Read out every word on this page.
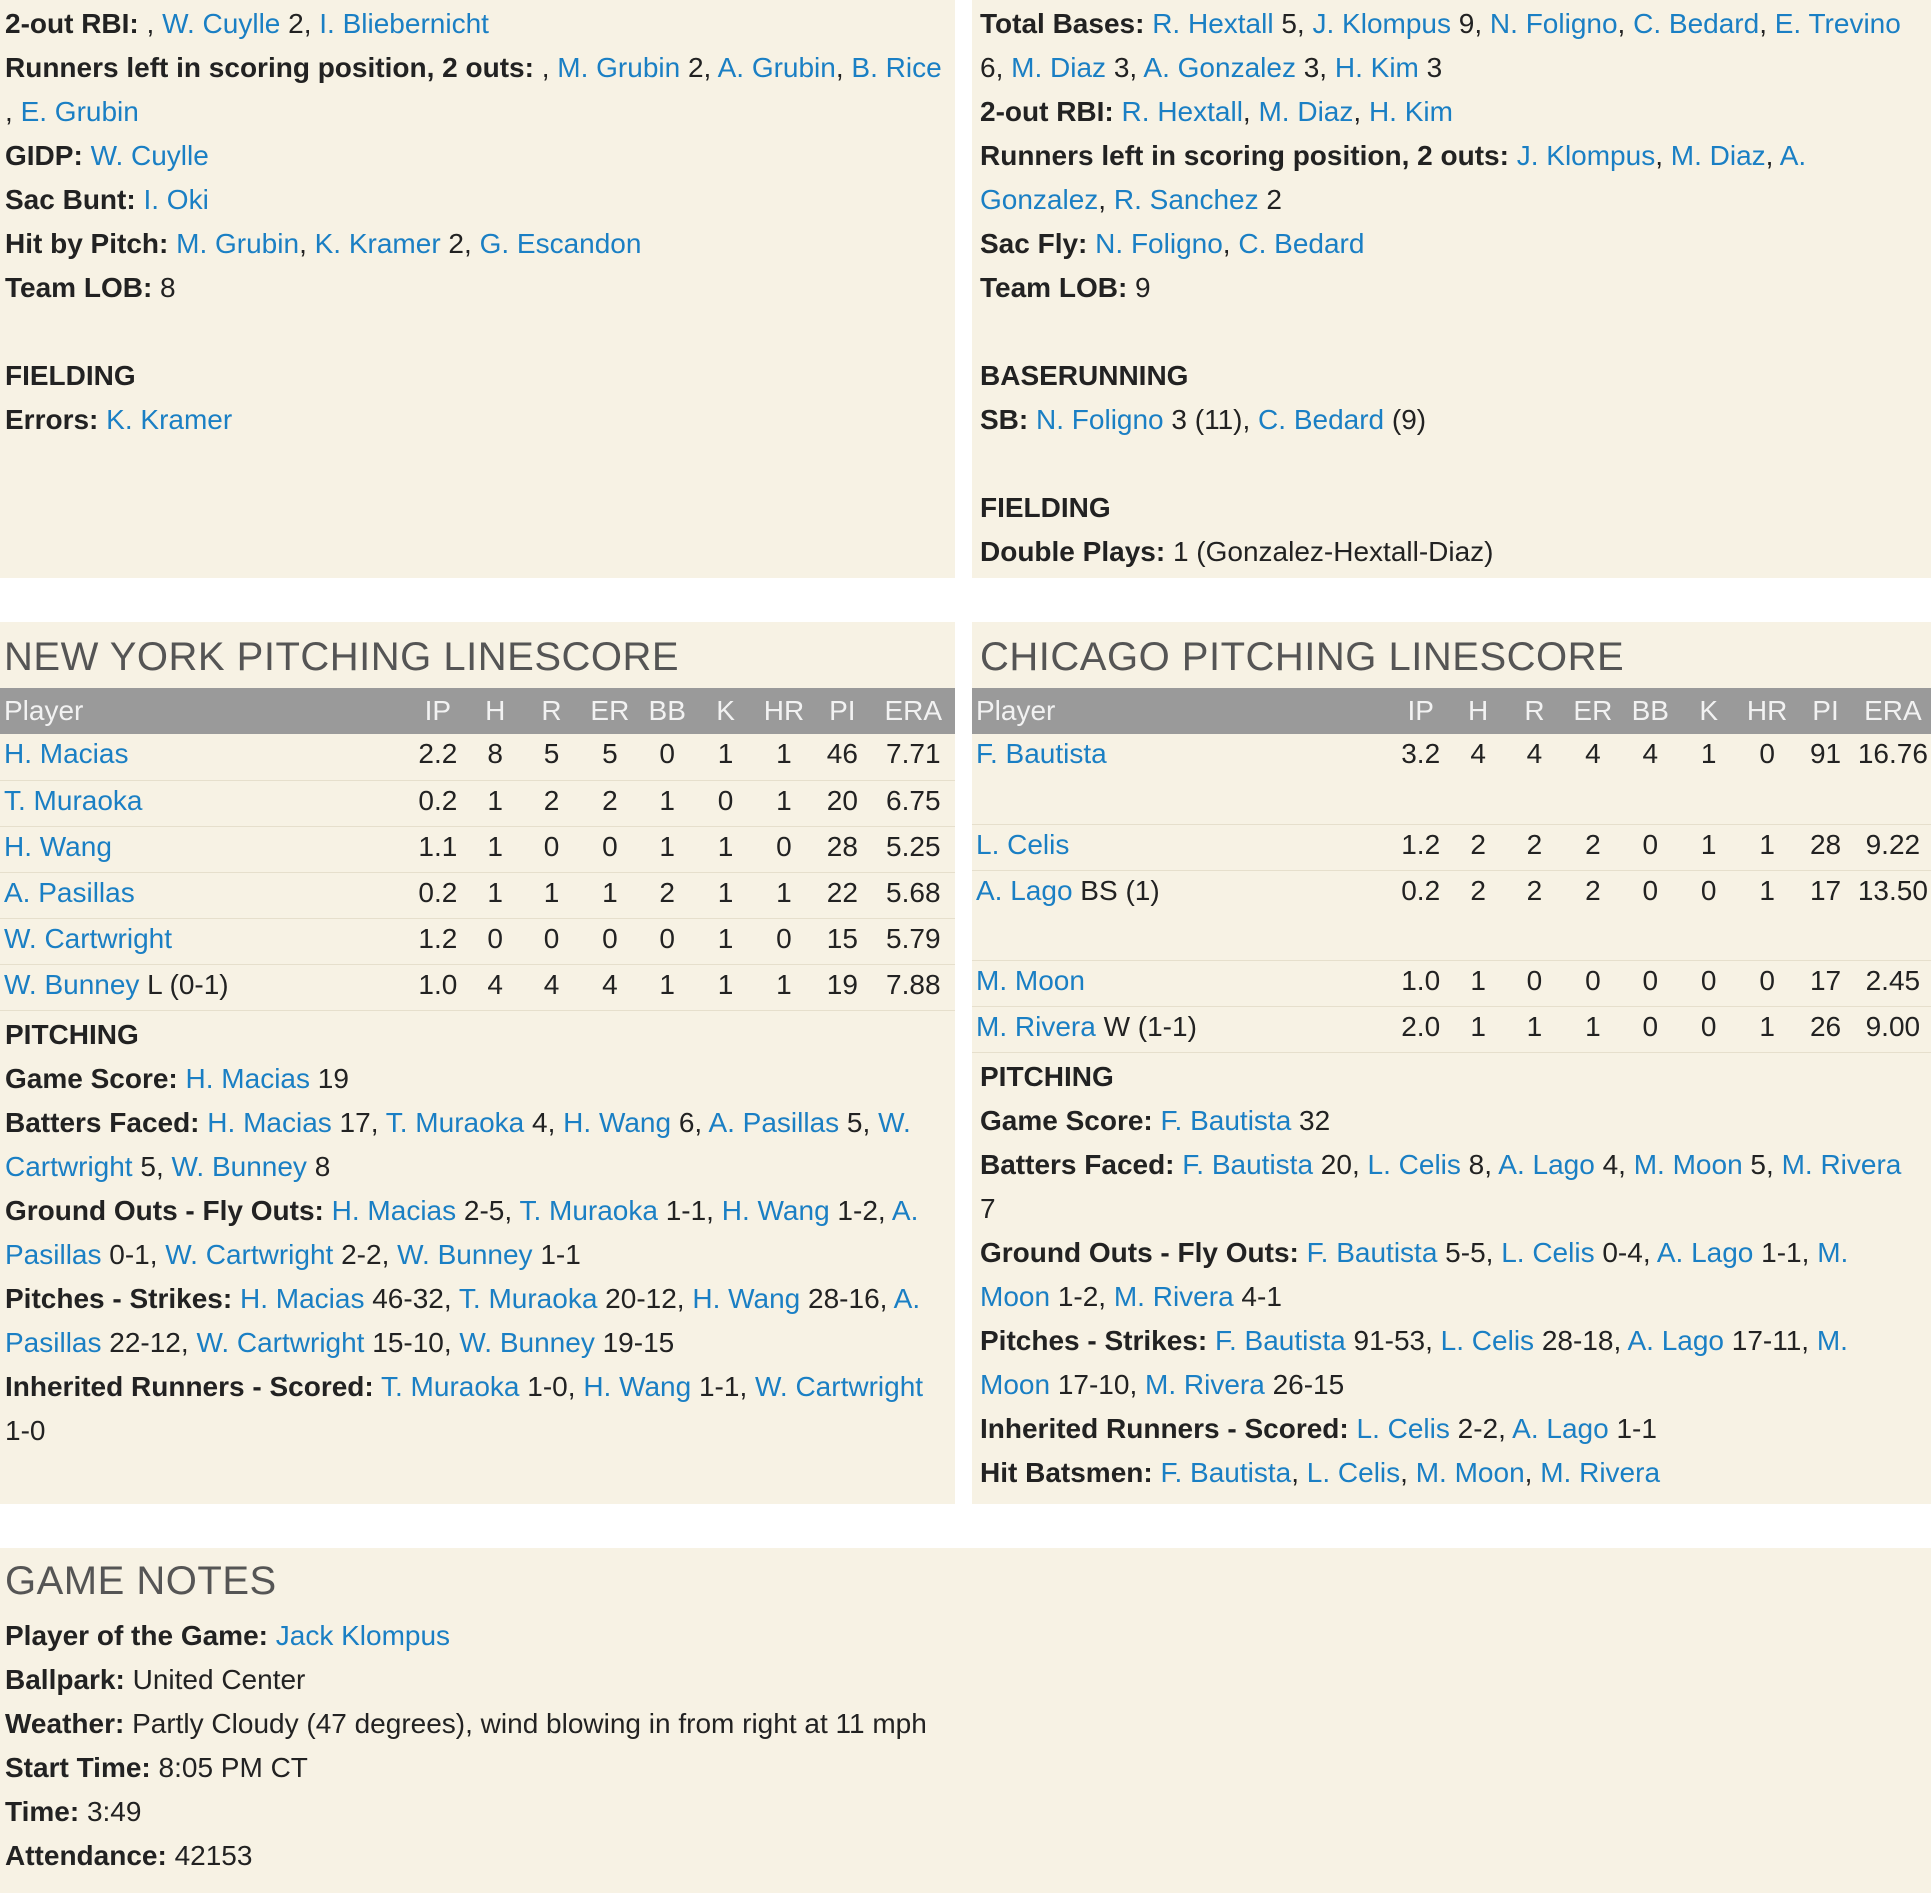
2-out RBI: , W. Cuylle 2, I. Bliebernicht
Runners left in scoring position, 2 outs: , M. Grubin 2, A. Grubin, B. Rice , E. Grubin
GIDP: W. Cuylle
Sac Bunt: I. Oki
Hit by Pitch: M. Grubin, K. Kramer 2, G. Escandon
Team LOB: 8
FIELDING
Errors: K. Kramer
Total Bases: R. Hextall 5, J. Klompus 9, N. Foligno, C. Bedard, E. Trevino 6, M. Diaz 3, A. Gonzalez 3, H. Kim 3
2-out RBI: R. Hextall, M. Diaz, H. Kim
Runners left in scoring position, 2 outs: J. Klompus, M. Diaz, A. Gonzalez, R. Sanchez 2
Sac Fly: N. Foligno, C. Bedard
Team LOB: 9
BASERUNNING
SB: N. Foligno 3 (11), C. Bedard (9)
FIELDING
Double Plays: 1 (Gonzalez-Hextall-Diaz)
NEW YORK PITCHING LINESCORE
Player	IP	H	R	ER	BB	K	HR	PI	ERA
H. Macias	2.2	8	5	5	0	1	1	46	7.71
T. Muraoka	0.2	1	2	2	1	0	1	20	6.75
H. Wang	1.1	1	0	0	1	1	0	28	5.25
A. Pasillas	0.2	1	1	1	2	1	1	22	5.68
W. Cartwright	1.2	0	0	0	0	1	0	15	5.79
W. Bunney L (0-1)	1.0	4	4	4	1	1	1	19	7.88
PITCHING
Game Score: H. Macias 19
Batters Faced: H. Macias 17, T. Muraoka 4, H. Wang 6, A. Pasillas 5, W. Cartwright 5, W. Bunney 8
Ground Outs - Fly Outs: H. Macias 2-5, T. Muraoka 1-1, H. Wang 1-2, A. Pasillas 0-1, W. Cartwright 2-2, W. Bunney 1-1
Pitches - Strikes: H. Macias 46-32, T. Muraoka 20-12, H. Wang 28-16, A. Pasillas 22-12, W. Cartwright 15-10, W. Bunney 19-15
Inherited Runners - Scored: T. Muraoka 1-0, H. Wang 1-1, W. Cartwright 1-0
CHICAGO PITCHING LINESCORE
Player	IP	H	R	ER	BB	K	HR	PI	ERA
F. Bautista	3.2	4	4	4	4	1	0	91	16.76
L. Celis	1.2	2	2	2	0	1	1	28	9.22
A. Lago BS (1)	0.2	2	2	2	0	0	1	17	13.50
M. Moon	1.0	1	0	0	0	0	0	17	2.45
M. Rivera W (1-1)	2.0	1	1	1	0	0	1	26	9.00
PITCHING
Game Score: F. Bautista 32
Batters Faced: F. Bautista 20, L. Celis 8, A. Lago 4, M. Moon 5, M. Rivera 7
Ground Outs - Fly Outs: F. Bautista 5-5, L. Celis 0-4, A. Lago 1-1, M. Moon 1-2, M. Rivera 4-1
Pitches - Strikes: F. Bautista 91-53, L. Celis 28-18, A. Lago 17-11, M. Moon 17-10, M. Rivera 26-15
Inherited Runners - Scored: L. Celis 2-2, A. Lago 1-1
Hit Batsmen: F. Bautista, L. Celis, M. Moon, M. Rivera
GAME NOTES
Player of the Game: Jack Klompus
Ballpark: United Center
Weather: Partly Cloudy (47 degrees), wind blowing in from right at 11 mph
Start Time: 8:05 PM CT
Time: 3:49
Attendance: 42153
